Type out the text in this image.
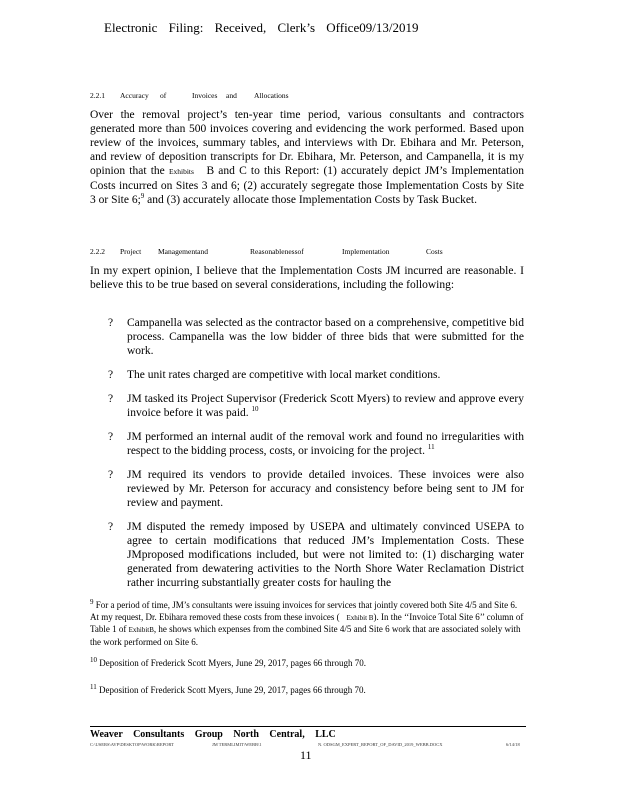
Electronic Filing: Received, Clerk’s Office09/13/2019
2.2.1	Accuracy	of	Invoices	and	Allocations
Over the removal project’s ten-year time period, various consultants and contractors generated more than 500 invoices covering and evidencing the work performed. Based upon review of the invoices, summary tables, and interviews with Dr. Ebihara and Mr. Peterson, and review of deposition transcripts for Dr. Ebihara, Mr. Peterson, and Campanella, it is my opinion that the Exhibits B and C to this Report: (1) accurately depict JM’s Implementation Costs incurred on Sites 3 and 6; (2) accurately segregate those Implementation Costs by Site 3 or Site 6;$^9$ and (3) accurately allocate those Implementation Costs by Task Bucket.
2.2.2	Project	Managementand	Reasonablenessof	Implementation	Costs
In my expert opinion, I believe that the Implementation Costs JM incurred are reasonable. I believe this to be true based on several considerations, including the following:
?	Campanella was selected as the contractor based on a comprehensive, competitive bid process. Campanella was the low bidder of three bids that were submitted for the work.
?	The unit rates charged are competitive with local market conditions.
?	JM tasked its Project Supervisor (Frederick Scott Myers) to review and approve every invoice before it was paid. $^{10}$
?	JM performed an internal audit of the removal work and found no irregularities with respect to the bidding process, costs, or invoicing for the project. $^{11}$
?	JM required its vendors to provide detailed invoices. These invoices were also reviewed by Mr. Peterson for accuracy and consistency before being sent to JM for review and payment.
?	JM disputed the remedy imposed by USEPA and ultimately convinced USEPA to agree to certain modifications that reduced JM’s Implementation Costs. These JMproposed modifications included, but were not limited to: (1) discharging water generated from dewatering activities to the North Shore Water Reclamation District rather incurring substantially greater costs for hauling the
$^9$ For a period of time, JM’s consultants were issuing invoices for services that jointly covered both Site 4/5 and Site 6. At my request, Dr. Ebihara removed these costs from these invoices ( Exhibit B). In the ‘‘Invoice Total Site 6’’ column of Table 1 of ExhibitB, he shows which expenses from the combined Site 4/5 and Site 6 work that are associated solely with the work performed on Site 6.
$^{10}$ Deposition of Frederick Scott Myers, June 29, 2017, pages 66 through 70.
$^{11}$ Deposition of Frederick Scott Myers, June 29, 2017, pages 66 through 70.
Weaver Consultants Group North Central, LLC
C:\USERS\AVP\DESKTOP\WORK\REPORT	JM TERMLIMIT\WEBB\1	N. ODSGM_EXPERT_REPORT_OF_DAVID_2019_WEBB.DOCX	6/14/18
11
